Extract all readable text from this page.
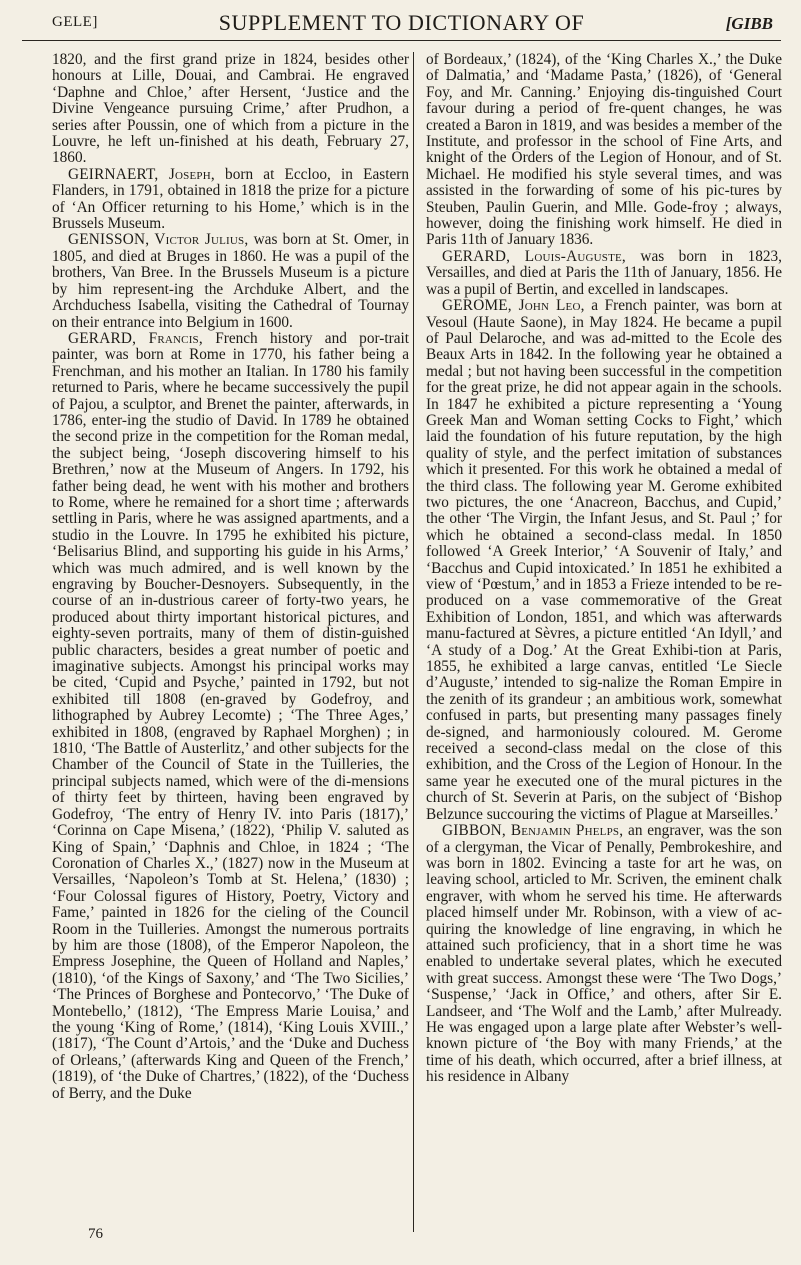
GELE]	SUPPLEMENT TO DICTIONARY OF	[GIBB

1820, and the first grand prize in 1824, besides other honours at Lille, Douai, and Cambrai. He engraved ‘Daphne and Chloe,’ after Hersent, ‘Justice and the Divine Vengeance pursuing Crime,’ after Prudhon, a series after Poussin, one of which from a picture in the Louvre, he left un-finished at his death, February 27, 1860.

GEIRNAERT, Joseph, born at Eccloo, in Eastern Flanders, in 1791, obtained in 1818 the prize for a picture of ‘An Officer returning to his Home,’ which is in the Brussels Museum.

GENISSON, Victor Julius, was born at St. Omer, in 1805, and died at Bruges in 1860. He was a pupil of the brothers, Van Bree. In the Brussels Museum is a picture by him represent-ing the Archduke Albert, and the Archduchess Isabella, visiting the Cathedral of Tournay on their entrance into Belgium in 1600.

GERARD, Francis, French history and por-trait painter, was born at Rome in 1770, his father being a Frenchman, and his mother an Italian. In 1780 his family returned to Paris, where he became successively the pupil of Pajou, a sculptor, and Brenet the painter, afterwards, in 1786, enter-ing the studio of David. In 1789 he obtained the second prize in the competition for the Roman medal, the subject being, ‘Joseph discovering himself to his Brethren,’ now at the Museum of Angers. In 1792, his father being dead, he went with his mother and brothers to Rome, where he remained for a short time ; afterwards settling in Paris, where he was assigned apartments, and a studio in the Louvre. In 1795 he exhibited his picture, ‘Belisarius Blind, and supporting his guide in his Arms,’ which was much admired, and is well known by the engraving by Boucher-Desnoyers. Subsequently, in the course of an in-dustrious career of forty-two years, he produced about thirty important historical pictures, and eighty-seven portraits, many of them of distin-guished public characters, besides a great number of poetic and imaginative subjects. Amongst his principal works may be cited, ‘Cupid and Psyche,’ painted in 1792, but not exhibited till 1808 (en-graved by Godefroy, and lithographed by Aubrey Lecomte) ; ‘The Three Ages,’ exhibited in 1808, (engraved by Raphael Morghen) ; in 1810, ‘The Battle of Austerlitz,’ and other subjects for the Chamber of the Council of State in the Tuilleries, the principal subjects named, which were of the di-mensions of thirty feet by thirteen, having been engraved by Godefroy, ‘The entry of Henry IV. into Paris (1817),’ ‘Corinna on Cape Misena,’ (1822), ‘Philip V. saluted as King of Spain,’ ‘Daphnis and Chloe, in 1824 ; ‘The Coronation of Charles X.,’ (1827) now in the Museum at Versailles, ‘Napoleon’s Tomb at St. Helena,’ (1830) ; ‘Four Colossal figures of History, Poetry, Victory and Fame,’ painted in 1826 for the cieling of the Council Room in the Tuilleries. Amongst the numerous portraits by him are those (1808), of the Emperor Napoleon, the Empress Josephine, the Queen of Holland and Naples,’ (1810), ‘of the Kings of Saxony,’ and ‘The Two Sicilies,’ ‘The Princes of Borghese and Pontecorvo,’ ‘The Duke of Montebello,’ (1812), ‘The Empress Marie Louisa,’ and the young ‘King of Rome,’ (1814), ‘King Louis XVIII.,’ (1817), ‘The Count d’Artois,’ and the ‘Duke and Duchess of Orleans,’ (afterwards King and Queen of the French,’ (1819), of ‘the Duke of Chartres,’ (1822), of the ‘Duchess of Berry, and the Duke

of Bordeaux,’ (1824), of the ‘King Charles X.,’ the Duke of Dalmatia,’ and ‘Madame Pasta,’ (1826), of ‘General Foy, and Mr. Canning.’ Enjoying dis-tinguished Court favour during a period of fre-quent changes, he was created a Baron in 1819, and was besides a member of the Institute, and professor in the school of Fine Arts, and knight of the Orders of the Legion of Honour, and of St. Michael. He modified his style several times, and was assisted in the forwarding of some of his pic-tures by Steuben, Paulin Guerin, and Mlle. Gode-froy ; always, however, doing the finishing work himself. He died in Paris 11th of January 1836.

GERARD, Louis-Auguste, was born in 1823, Versailles, and died at Paris the 11th of January, 1856. He was a pupil of Bertin, and excelled in landscapes.

GEROME, John Leo, a French painter, was born at Vesoul (Haute Saone), in May 1824. He became a pupil of Paul Delaroche, and was ad-mitted to the Ecole des Beaux Arts in 1842. In the following year he obtained a medal ; but not having been successful in the competition for the great prize, he did not appear again in the schools. In 1847 he exhibited a picture representing a ‘Young Greek Man and Woman setting Cocks to Fight,’ which laid the foundation of his future reputation, by the high quality of style, and the perfect imitation of substances which it presented. For this work he obtained a medal of the third class. The following year M. Gerome exhibited two pictures, the one ‘Anacreon, Bacchus, and Cupid,’ the other ‘The Virgin, the Infant Jesus, and St. Paul ;’ for which he obtained a second-class medal. In 1850 followed ‘A Greek Interior,’ ‘A Souvenir of Italy,’ and ‘Bacchus and Cupid intoxicated.’ In 1851 he exhibited a view of ‘Pœstum,’ and in 1853 a Frieze intended to be re-produced on a vase commemorative of the Great Exhibition of London, 1851, and which was afterwards manu-factured at Sèvres, a picture entitled ‘An Idyll,’ and ‘A study of a Dog.’ At the Great Exhibi-tion at Paris, 1855, he exhibited a large canvas, entitled ‘Le Siecle d’Auguste,’ intended to sig-nalize the Roman Empire in the zenith of its grandeur ; an ambitious work, somewhat confused in parts, but presenting many passages finely de-signed, and harmoniously coloured. M. Gerome received a second-class medal on the close of this exhibition, and the Cross of the Legion of Honour. In the same year he executed one of the mural pictures in the church of St. Severin at Paris, on the subject of ‘Bishop Belzunce succouring the victims of Plague at Marseilles.’

GIBBON, Benjamin Phelps, an engraver, was the son of a clergyman, the Vicar of Penally, Pembrokeshire, and was born in 1802. Evincing a taste for art he was, on leaving school, articled to Mr. Scriven, the eminent chalk engraver, with whom he served his time. He afterwards placed himself under Mr. Robinson, with a view of ac-quiring the knowledge of line engraving, in which he attained such proficiency, that in a short time he was enabled to undertake several plates, which he executed with great success. Amongst these were ‘The Two Dogs,’ ‘Suspense,’ ‘Jack in Office,’ and others, after Sir E. Landseer, and ‘The Wolf and the Lamb,’ after Mulready. He was engaged upon a large plate after Webster’s well-known picture of ‘the Boy with many Friends,’ at the time of his death, which occurred, after a brief illness, at his residence in Albany

76
